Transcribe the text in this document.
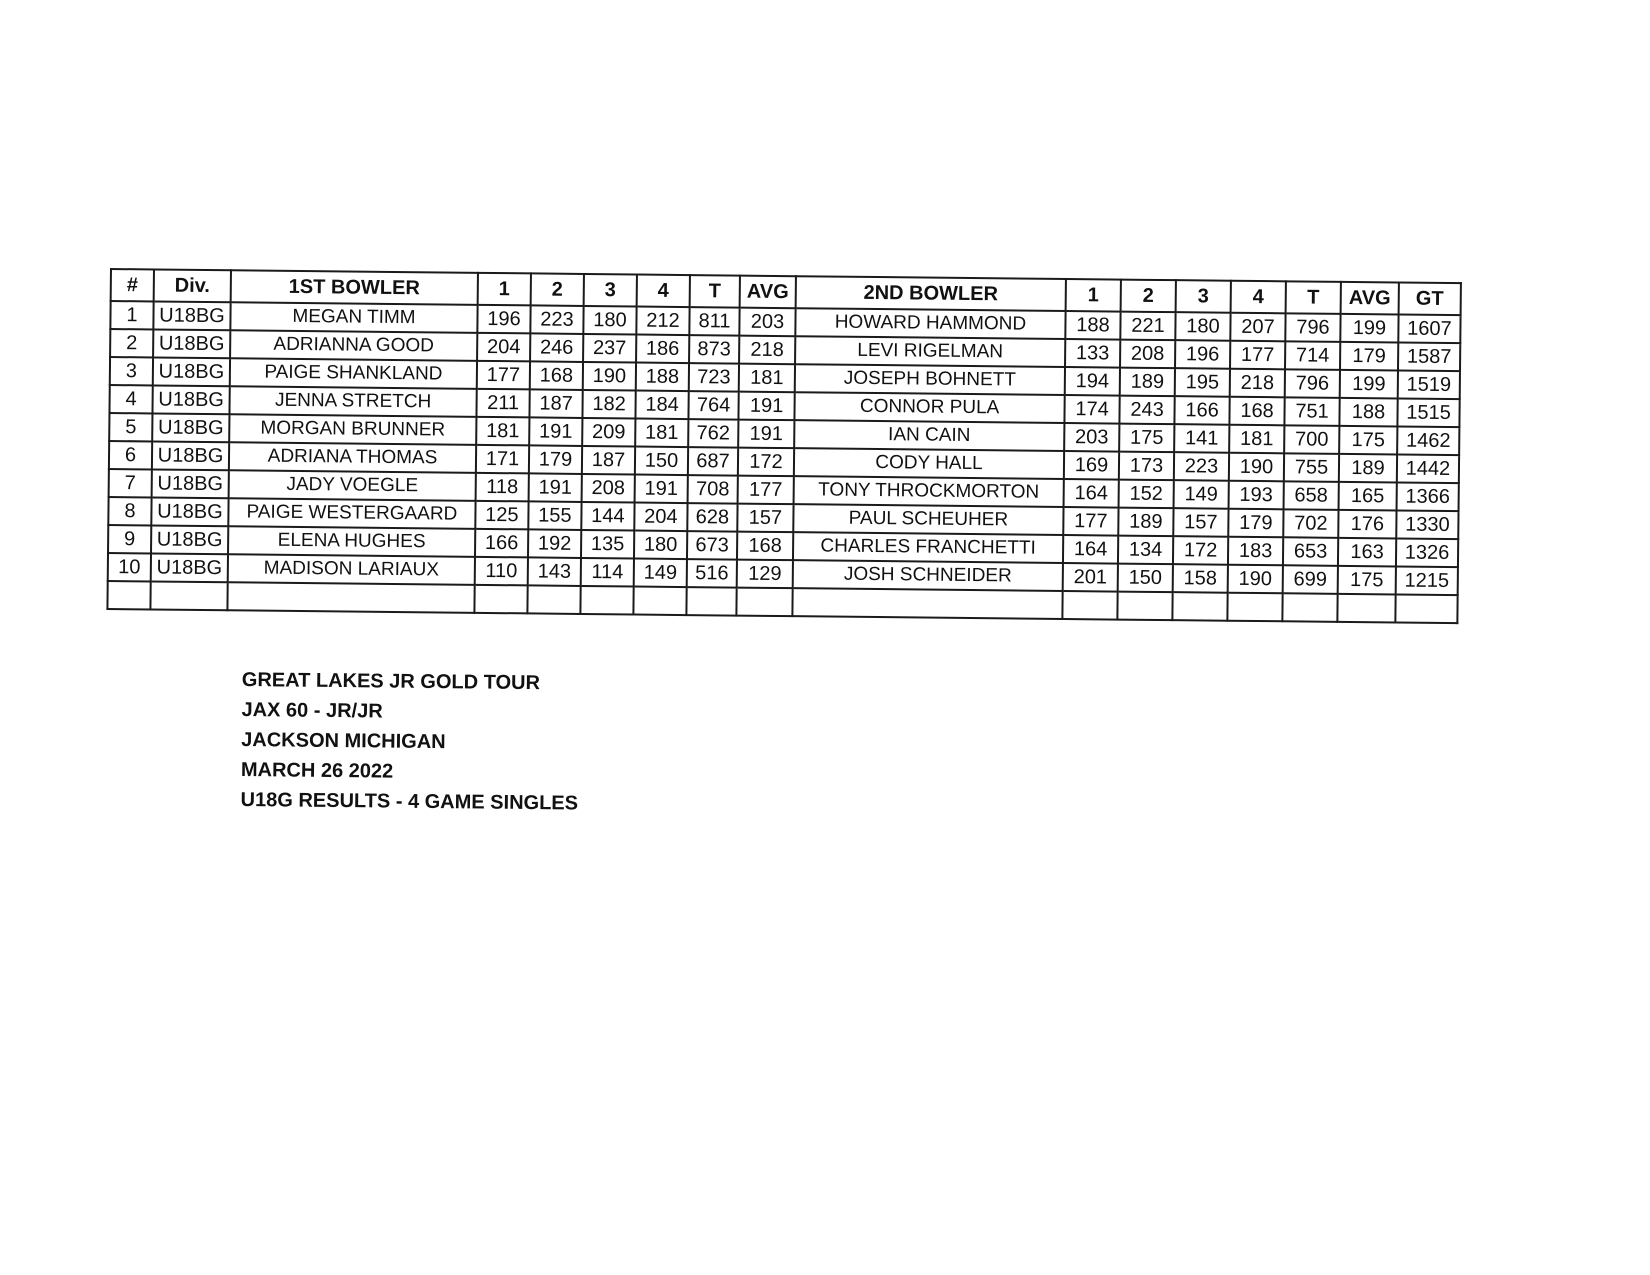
#	Div.	1ST BOWLER	1	2	3	4	T	AVG	2ND BOWLER	1	2	3	4	T	AVG	GT
1	U18BG	MEGAN TIMM	196	223	180	212	811	203	HOWARD HAMMOND	188	221	180	207	796	199	1607
2	U18BG	ADRIANNA GOOD	204	246	237	186	873	218	LEVI RIGELMAN	133	208	196	177	714	179	1587
3	U18BG	PAIGE SHANKLAND	177	168	190	188	723	181	JOSEPH BOHNETT	194	189	195	218	796	199	1519
4	U18BG	JENNA STRETCH	211	187	182	184	764	191	CONNOR PULA	174	243	166	168	751	188	1515
5	U18BG	MORGAN BRUNNER	181	191	209	181	762	191	IAN CAIN	203	175	141	181	700	175	1462
6	U18BG	ADRIANA THOMAS	171	179	187	150	687	172	CODY HALL	169	173	223	190	755	189	1442
7	U18BG	JADY VOEGLE	118	191	208	191	708	177	TONY THROCKMORTON	164	152	149	193	658	165	1366
8	U18BG	PAIGE WESTERGAARD	125	155	144	204	628	157	PAUL SCHEUHER	177	189	157	179	702	176	1330
9	U18BG	ELENA HUGHES	166	192	135	180	673	168	CHARLES FRANCHETTI	164	134	172	183	653	163	1326
10	U18BG	MADISON LARIAUX	110	143	114	149	516	129	JOSH SCHNEIDER	201	150	158	190	699	175	1215

GREAT LAKES JR GOLD TOUR
JAX 60 - JR/JR
JACKSON MICHIGAN
MARCH 26 2022
U18G RESULTS - 4 GAME SINGLES
